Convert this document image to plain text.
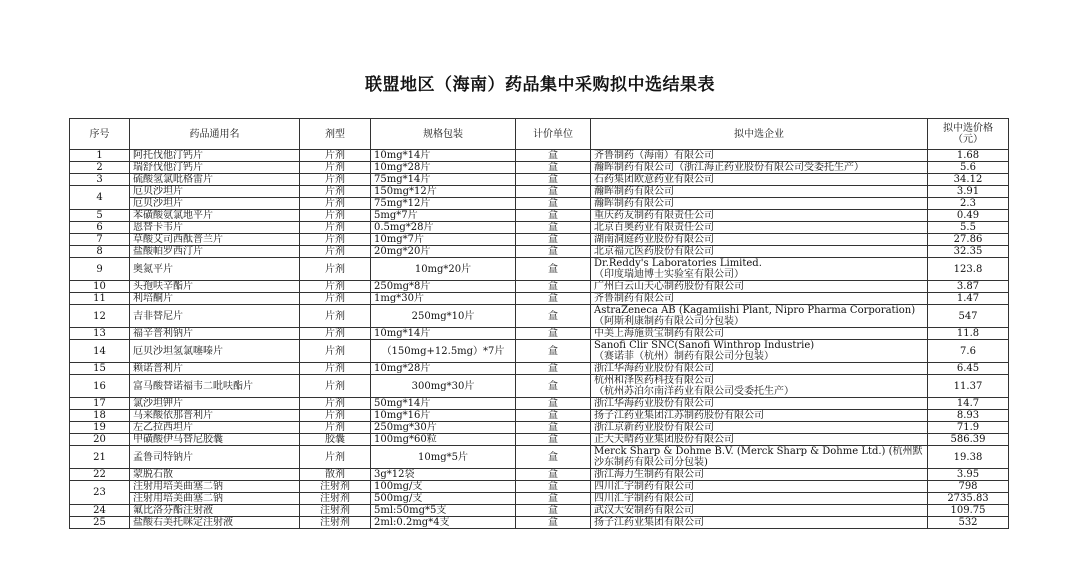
联盟地区（海南）药品集中采购拟中选结果表
序号	药品通用名	剂型	规格包装	计价单位	拟中选企业	拟中选价格
（元）
1	阿托伐他汀钙片	片剂	10mg*14片	盒	齐鲁制药（海南）有限公司	1.68
2	瑞舒伐他汀钙片	片剂	10mg*28片	盒	瀚晖制药有限公司（浙江海正药业股份有限公司受委托生产）	5.6
3	硫酸氢氯吡格雷片	片剂	75mg*14片	盒	石药集团欧意药业有限公司	34.12
4	厄贝沙坦片	片剂	150mg*12片	盒	瀚晖制药有限公司	3.91
	厄贝沙坦片	片剂	75mg*12片	盒	瀚晖制药有限公司	2.3
5	苯磺酸氨氯地平片	片剂	5mg*7片	盒	重庆药友制药有限责任公司	0.49
6	恩替卡韦片	片剂	0.5mg*28片	盒	北京百奥药业有限责任公司	5.5
7	草酸艾司西酞普兰片	片剂	10mg*7片	盒	湖南洞庭药业股份有限公司	27.86
8	盐酸帕罗西汀片	片剂	20mg*20片	盒	北京福元医药股份有限公司	32.35
9	奥氮平片	片剂	10mg*20片	盒	Dr.Reddy's Laboratories Limited.
（印度瑞迪博士实验室有限公司）	123.8
10	头孢呋辛酯片	片剂	250mg*8片	盒	广州白云山天心制药股份有限公司	3.87
11	利培酮片	片剂	1mg*30片	盒	齐鲁制药有限公司	1.47
12	吉非替尼片	片剂	250mg*10片	盒	AstraZeneca AB (Kagamiishi Plant, Nipro Pharma Corporation)
（阿斯利康制药有限公司分包装）	547
13	福辛普利钠片	片剂	10mg*14片	盒	中美上海施贵宝制药有限公司	11.8
14	厄贝沙坦氢氯噻嗪片	片剂	（150mg+12.5mg）*7片	盒	Sanofi Clir SNC(Sanofi Winthrop Industrie)
（赛诺菲（杭州）制药有限公司分包装）	7.6
15	赖诺普利片	片剂	10mg*28片	盒	浙江华海药业股份有限公司	6.45
16	富马酸替诺福韦二吡呋酯片	片剂	300mg*30片	盒	杭州和泽医药科技有限公司
（杭州苏泊尔南洋药业有限公司受委托生产）	11.37
17	氯沙坦钾片	片剂	50mg*14片	盒	浙江华海药业股份有限公司	14.7
18	马来酸依那普利片	片剂	10mg*16片	盒	扬子江药业集团江苏制药股份有限公司	8.93
19	左乙拉西坦片	片剂	250mg*30片	盒	浙江京新药业股份有限公司	71.9
20	甲磺酸伊马替尼胶囊	胶囊	100mg*60粒	盒	正大天晴药业集团股份有限公司	586.39
21	孟鲁司特钠片	片剂	10mg*5片	盒	Merck Sharp & Dohme B.V. (Merck Sharp & Dohme Ltd.) (杭州默
沙东制药有限公司分包装)	19.38
22	蒙脱石散	散剂	3g*12袋	盒	浙江海力生制药有限公司	3.95
23	注射用培美曲塞二钠	注射剂	100mg/支	盒	四川汇宇制药有限公司	798
	注射用培美曲塞二钠	注射剂	500mg/支	盒	四川汇宇制药有限公司	2735.83
24	氟比洛芬酯注射液	注射剂	5ml:50mg*5支	盒	武汉大安制药有限公司	109.75
25	盐酸右美托咪定注射液	注射剂	2ml:0.2mg*4支	盒	扬子江药业集团有限公司	532
